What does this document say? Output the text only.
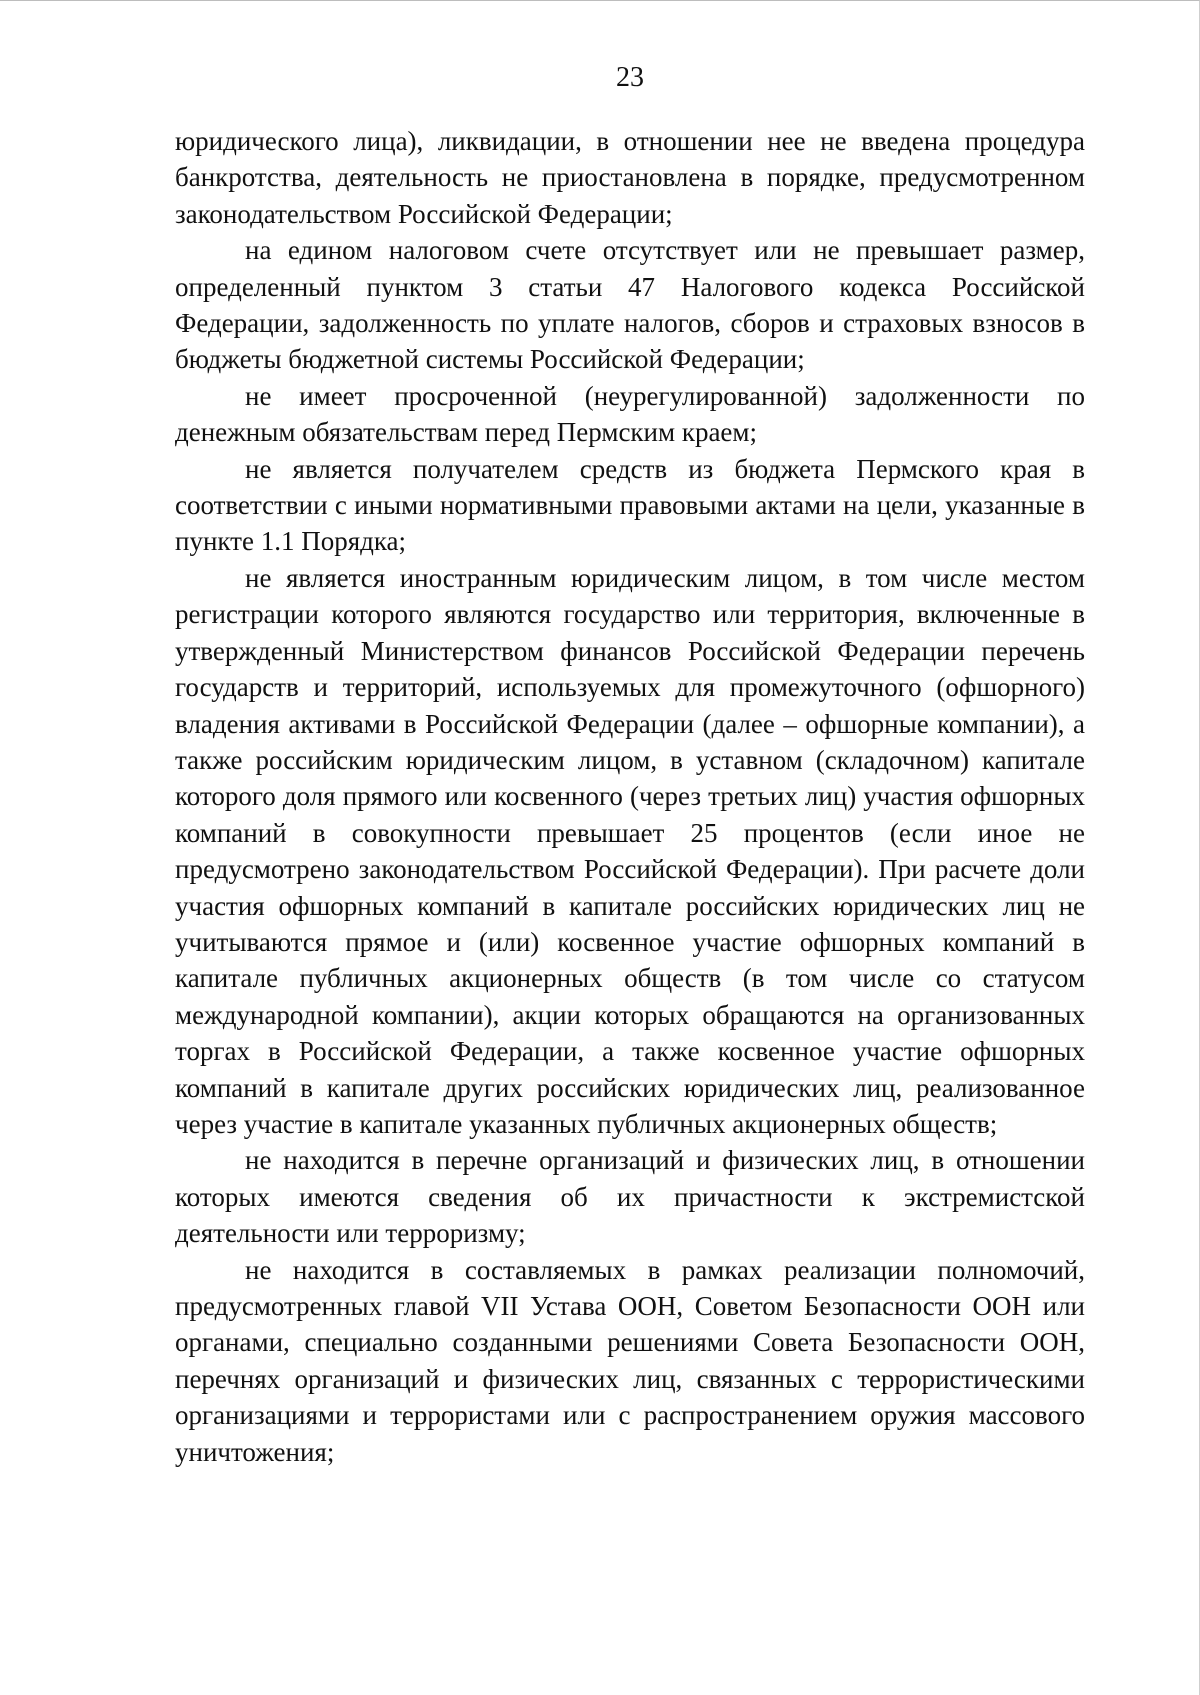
23

юридического лица), ликвидации, в отношении нее не введена процедура банкротства, деятельность не приостановлена в порядке, предусмотренном законодательством Российской Федерации;

на едином налоговом счете отсутствует или не превышает размер, определенный пунктом 3 статьи 47 Налогового кодекса Российской Федерации, задолженность по уплате налогов, сборов и страховых взносов в бюджеты бюджетной системы Российской Федерации;

не имеет просроченной (неурегулированной) задолженности по денежным обязательствам перед Пермским краем;

не является получателем средств из бюджета Пермского края в соответствии с иными нормативными правовыми актами на цели, указанные в пункте 1.1 Порядка;

не является иностранным юридическим лицом, в том числе местом регистрации которого являются государство или территория, включенные в утвержденный Министерством финансов Российской Федерации перечень государств и территорий, используемых для промежуточного (офшорного) владения активами в Российской Федерации (далее – офшорные компании), а также российским юридическим лицом, в уставном (складочном) капитале которого доля прямого или косвенного (через третьих лиц) участия офшорных компаний в совокупности превышает 25 процентов (если иное не предусмотрено законодательством Российской Федерации). При расчете доли участия офшорных компаний в капитале российских юридических лиц не учитываются прямое и (или) косвенное участие офшорных компаний в капитале публичных акционерных обществ (в том числе со статусом международной компании), акции которых обращаются на организованных торгах в Российской Федерации, а также косвенное участие офшорных компаний в капитале других российских юридических лиц, реализованное через участие в капитале указанных публичных акционерных обществ;

не находится в перечне организаций и физических лиц, в отношении которых имеются сведения об их причастности к экстремистской деятельности или терроризму;

не находится в составляемых в рамках реализации полномочий, предусмотренных главой VII Устава ООН, Советом Безопасности ООН или органами, специально созданными решениями Совета Безопасности ООН, перечнях организаций и физических лиц, связанных с террористическими организациями и террористами или с распространением оружия массового уничтожения;
